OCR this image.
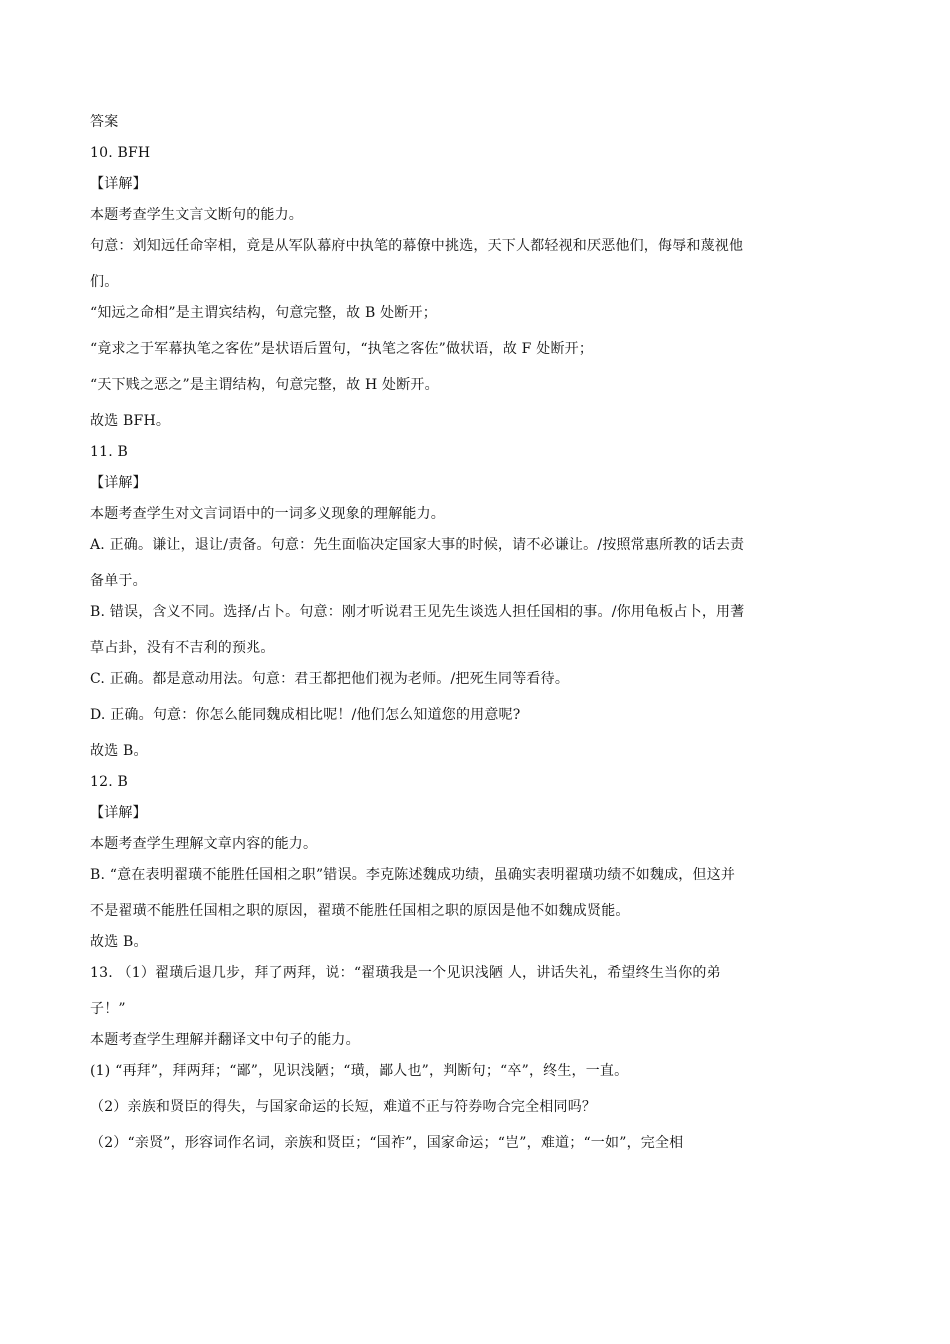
答案
10. BFH
【详解】
本题考查学生文言文断句的能力。
句意：刘知远任命宰相，竟是从军队幕府中执笔的幕僚中挑选，天下人都轻视和厌恶他们，侮辱和蔑视他
们。
“知远之命相”是主谓宾结构，句意完整，故 B 处断开；
“竟求之于军幕执笔之客佐”是状语后置句，“执笔之客佐”做状语，故 F 处断开；
“天下贱之恶之”是主谓结构，句意完整，故 H 处断开。
故选 BFH。
11. B
【详解】
本题考查学生对文言词语中的一词多义现象的理解能力。
A. 正确。谦让，退让/责备。句意：先生面临决定国家大事的时候，请不必谦让。/按照常惠所教的话去责
备单于。
B. 错误，含义不同。选择/占卜。句意：刚才听说君王见先生谈选人担任国相的事。/你用龟板占卜，用蓍
草占卦，没有不吉利的预兆。
C. 正确。都是意动用法。句意：君王都把他们视为老师。/把死生同等看待。
D. 正确。句意：你怎么能同魏成相比呢！/他们怎么知道您的用意呢?
故选 B。
12. B
【详解】
本题考查学生理解文章内容的能力。
B. “意在表明翟璜不能胜任国相之职”错误。李克陈述魏成功绩，虽确实表明翟璜功绩不如魏成，但这并
不是翟璜不能胜任国相之职的原因，翟璜不能胜任国相之职的原因是他不如魏成贤能。
故选 B。
13. （1）翟璜后退几步，拜了两拜，说：“翟璜我是一个见识浅陋 人，讲话失礼，希望终生当你的弟
子！”
本题考查学生理解并翻译文中句子的能力。
(1) “再拜”，拜两拜；“鄙”，见识浅陋；“璜，鄙人也”，判断句；“卒”，终生，一直。
（2）亲族和贤臣的得失，与国家命运的长短，难道不正与符券吻合完全相同吗？
（2）“亲贤”，形容词作名词，亲族和贤臣；“国祚”，国家命运；“岂”，难道；“一如”，完全相
